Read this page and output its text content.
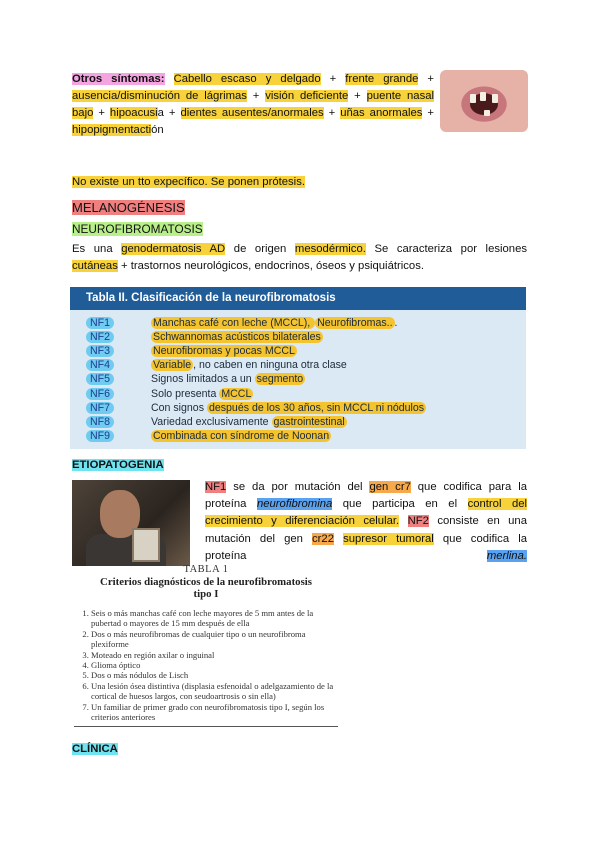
Otros síntomas: Cabello escaso y delgado + frente grande +
ausencia/disminución de lágrimas + visión deficiente + puente nasal
bajo + hipoacusia + dientes ausentes/anormales + uñas anormales +
hipopigmentactión
No existe un tto expecífico. Se ponen prótesis.
MELANOGÉNESIS
NEUROFIBROMATOSIS
Es una genodermatosis AD de origen mesodérmico. Se caracteriza por lesiones
cutáneas + trastornos neurológicos, endocrinos, óseos y psiquiátricos.
Tabla II. Clasificación de la neurofibromatosis
NF1	Manchas café con leche (MCCL), Neurofibromas.. .
NF2	Schwannomas acústicos bilaterales
NF3	Neurofibromas y pocas MCCL
NF4	Variable , no caben en ninguna otra clase
NF5	Signos limitados a un segmento
NF6	Solo presenta MCCL
NF7	Con signos después de los 30 años, sin MCCL ni nódulos
NF8	Variedad exclusivamente gastrointestinal
NF9	Combinada con síndrome de Noonan
ETIOPATOGENIA
NF1 se da por mutación del gen cr7 que codifica para la
proteína neurofibromina que participa en el control del
crecimiento y diferenciación celular. NF2 consiste en una
mutación del gen cr22 supresor tumoral que codifica la
proteína	merlina.
TABLA 1
Criterios diagnósticos de la neurofibromatosis
tipo I
1. Seis o más manchas café con leche mayores de 5 mm antes de la pubertad o mayores de 15 mm después de ella
2. Dos o más neurofibromas de cualquier tipo o un neurofibroma plexiforme
3. Moteado en región axilar o inguinal
4. Glioma óptico
5. Dos o más nódulos de Lisch
6. Una lesión ósea distintiva (displasia esfenoidal o adelgazamiento de la cortical de huesos largos, con seudoartrosis o sin ella)
7. Un familiar de primer grado con neurofibromatosis tipo I, según los criterios anteriores
CLÍNICA
